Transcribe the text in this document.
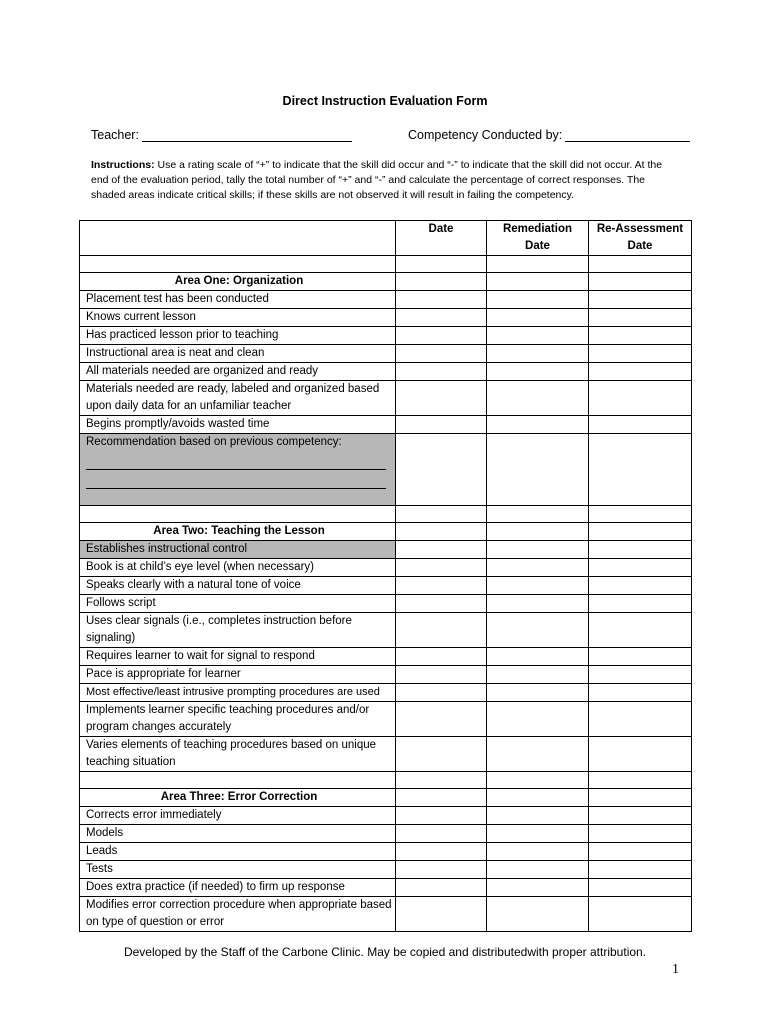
Direct Instruction Evaluation Form
Teacher:	Competency Conducted by:
Instructions: Use a rating scale of “+” to indicate that the skill did occur and “-” to indicate that the skill did not occur. At the end of the evaluation period, tally the total number of “+” and “-” and calculate the percentage of correct responses. The shaded areas indicate critical skills; if these skills are not observed it will result in failing the competency.
	Date	Remediation Date	Re-Assessment Date

Area One: Organization			
Placement test has been conducted			
Knows current lesson			
Has practiced lesson prior to teaching			
Instructional area is neat and clean			
All materials needed are organized and ready			
Materials needed are ready, labeled and organized based upon daily data for an unfamiliar teacher			
Begins promptly/avoids wasted time			

Recommendation based on previous competency:			

Area Two: Teaching the Lesson			
Establishes instructional control			
Book is at child’s eye level (when necessary)			
Speaks clearly with a natural tone of voice			
Follows script			
Uses clear signals (i.e., completes instruction before signaling)			
Requires learner to wait for signal to respond			
Pace is appropriate for learner			
Most effective/least intrusive prompting procedures are used			
Implements learner specific teaching procedures and/or program changes accurately			
Varies elements of teaching procedures based on unique teaching situation			

Area Three: Error Correction			
Corrects error immediately			
Models			
Leads			
Tests			
Does extra practice (if needed) to firm up response			
Modifies error correction procedure when appropriate based on type of question or error			
Developed by the Staff of the Carbone Clinic. May be copied and distributedwith proper attribution.
1
